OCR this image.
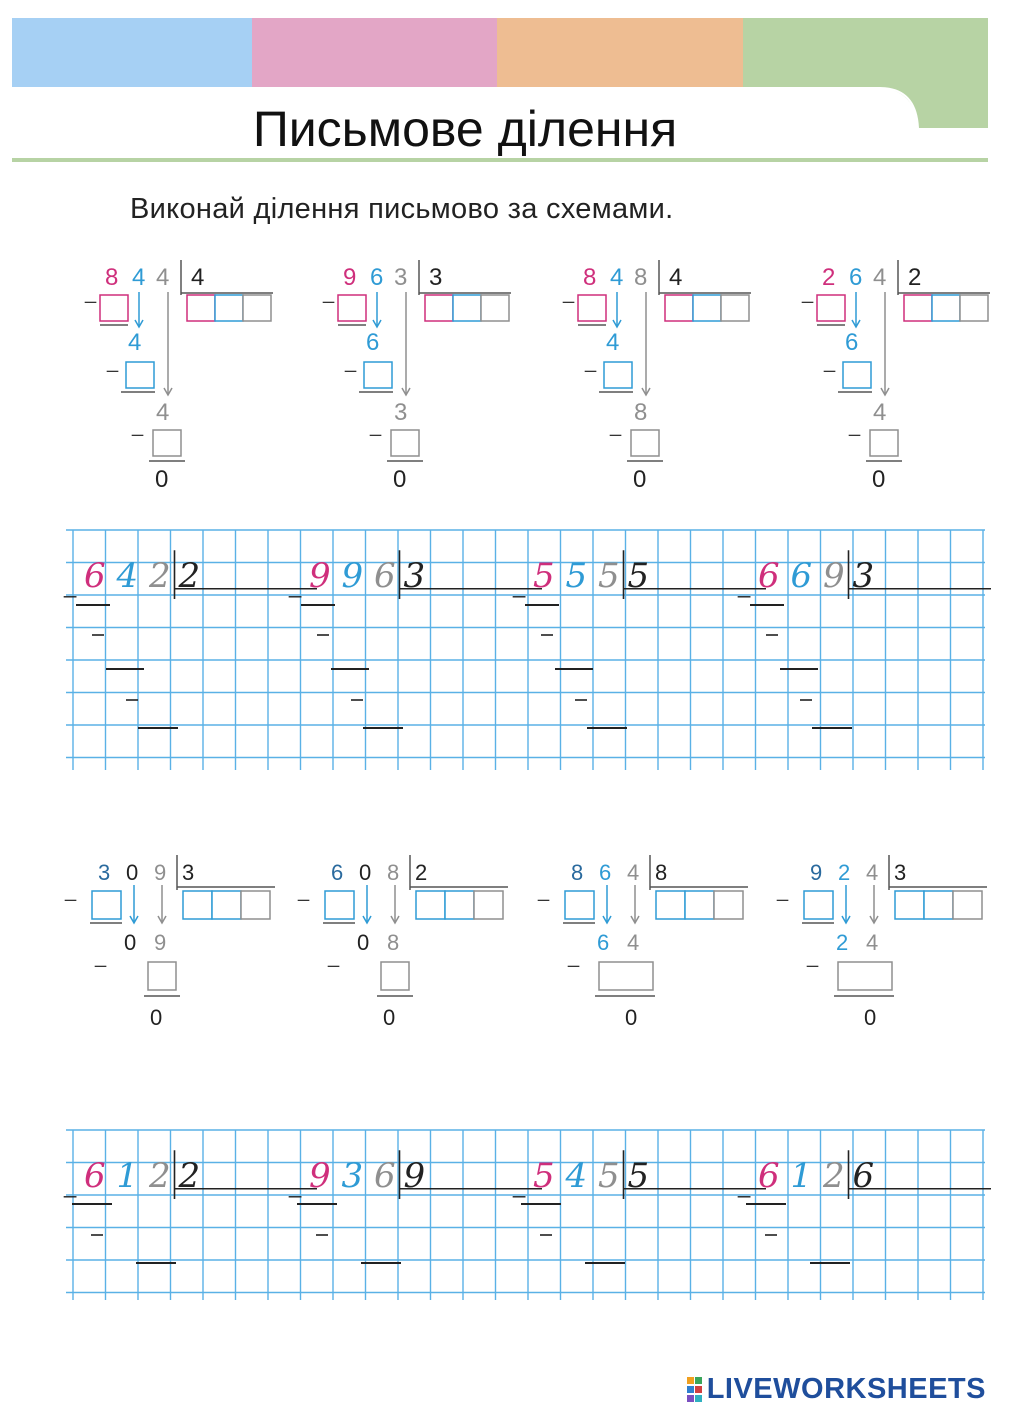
Письмове ділення
Виконай ділення письмово за схемами.
8 4 4 4
_
4
_
4
_
0
9 6 3 3
_
6
_
3
_
0
8 4 8 4
_
4
_
8
_
0
2 6 4 2
_
6
_
4
_
0
_ 6 4 2 2	_ 9 9 6 3	_ 5 5 5 5	_ 6 6 9 3
3 0 9 3
_
0 9
_
0
6 0 8 2
_
0 8
_
0
8 6 4 8
_
6 4
_
0
9 2 4 3
_
2 4
_
0
_ 6 1 2 2	_ 9 3 6 9	_ 5 4 5 5	_ 6 1 2 6
LIVEWORKSHEETS
